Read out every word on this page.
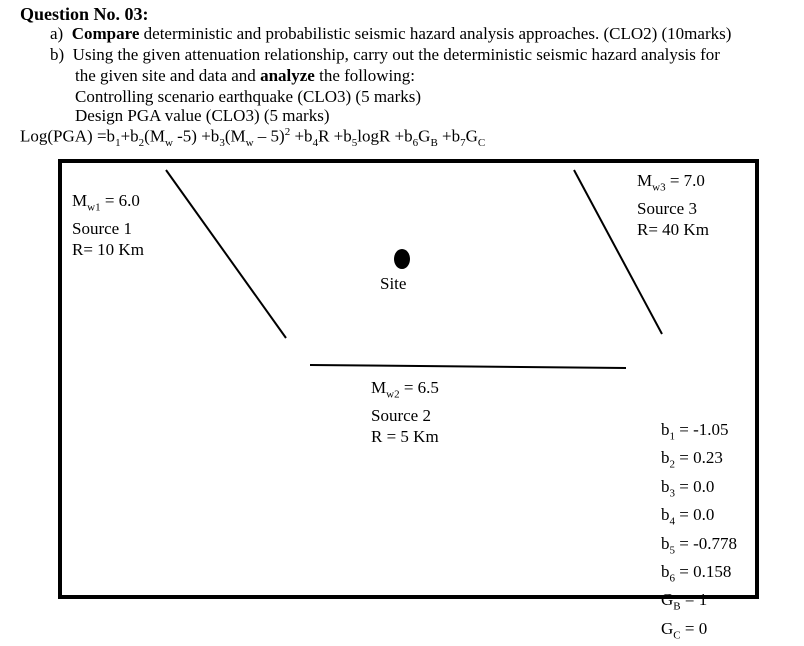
Question No. 03:
a) Compare deterministic and probabilistic seismic hazard analysis approaches. (CLO2) (10marks)
b) Using the given attenuation relationship, carry out the deterministic seismic hazard analysis for
the given site and data and analyze the following:
Controlling scenario earthquake (CLO3) (5 marks)
Design PGA value (CLO3) (5 marks)
$Log(PGA) =b_1+b_2(M_w$ $-5) +b_3(M_w - 5)^2 +b_4R +b_5\log R +b_6G_B +b_7G_C$
$M_{w1} = 6.0$
Source 1
R= 10 Km
$M_{w3} = 7.0$
Source 3
R= 40 Km
Site
$M_{w2} = 6.5$
Source 2
R = 5 Km	$b_1 = -1.05$
$b_2 = 0.23$
$b_3 = 0.0$
$b_4 = 0.0$
$b_5 = -0.778$
$b_6 = 0.158$
$G_B = 1$
$G_C = 0$
